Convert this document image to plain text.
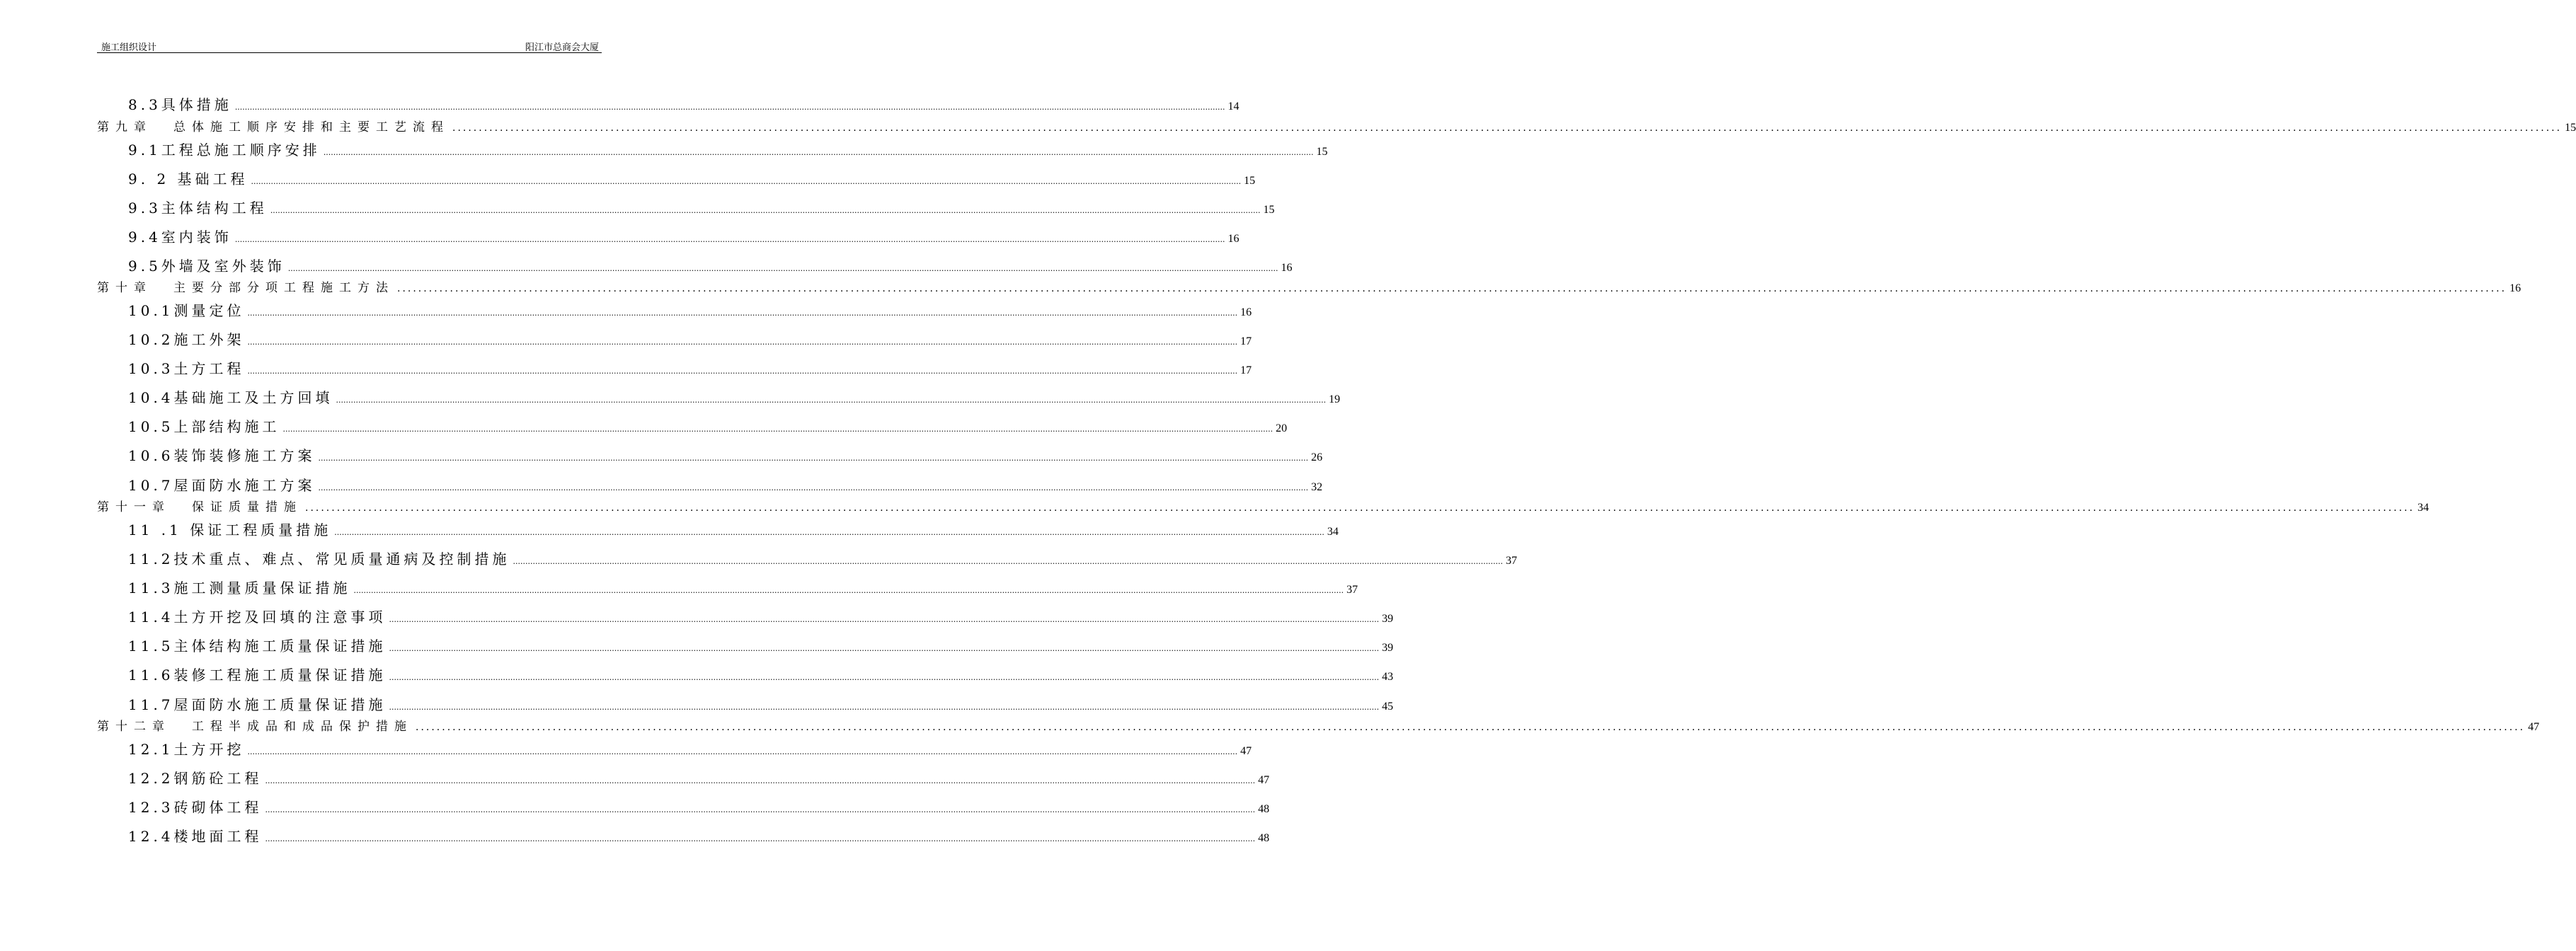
施工组织设计	阳江市总商会大厦
8.3具体措施 ................................................................................................................................................................................................................................................................................................................................................................................................................ 14
第九章 总体施工顺序安排和主要工艺流程 ................................................................................................................................................................................................................................................................................................................................................................................................................ 15
9.1工程总施工顺序安排 ................................................................................................................................................................................................................................................................................................................................................................................................................ 15
9. 2 基础工程 ................................................................................................................................................................................................................................................................................................................................................................................................................ 15
9.3主体结构工程 ................................................................................................................................................................................................................................................................................................................................................................................................................ 15
9.4室内装饰 ................................................................................................................................................................................................................................................................................................................................................................................................................ 16
9.5外墙及室外装饰 ................................................................................................................................................................................................................................................................................................................................................................................................................ 16
第十章 主要分部分项工程施工方法 ................................................................................................................................................................................................................................................................................................................................................................................................................ 16
10.1测量定位 ................................................................................................................................................................................................................................................................................................................................................................................................................ 16
10.2施工外架 ................................................................................................................................................................................................................................................................................................................................................................................................................ 17
10.3土方工程 ................................................................................................................................................................................................................................................................................................................................................................................................................ 17
10.4基础施工及土方回填 ................................................................................................................................................................................................................................................................................................................................................................................................................ 19
10.5上部结构施工 ................................................................................................................................................................................................................................................................................................................................................................................................................ 20
10.6装饰装修施工方案 ................................................................................................................................................................................................................................................................................................................................................................................................................ 26
10.7屋面防水施工方案 ................................................................................................................................................................................................................................................................................................................................................................................................................ 32
第十一章 保证质量措施 ................................................................................................................................................................................................................................................................................................................................................................................................................ 34
11 .1 保证工程质量措施 ................................................................................................................................................................................................................................................................................................................................................................................................................ 34
11.2技术重点、难点、常见质量通病及控制措施 ................................................................................................................................................................................................................................................................................................................................................................................................................ 37
11.3施工测量质量保证措施 ................................................................................................................................................................................................................................................................................................................................................................................................................ 37
11.4土方开挖及回填的注意事项 ................................................................................................................................................................................................................................................................................................................................................................................................................ 39
11.5主体结构施工质量保证措施 ................................................................................................................................................................................................................................................................................................................................................................................................................ 39
11.6装修工程施工质量保证措施 ................................................................................................................................................................................................................................................................................................................................................................................................................ 43
11.7屋面防水施工质量保证措施 ................................................................................................................................................................................................................................................................................................................................................................................................................ 45
第十二章 工程半成品和成品保护措施 ................................................................................................................................................................................................................................................................................................................................................................................................................ 47
12.1土方开挖 ................................................................................................................................................................................................................................................................................................................................................................................................................ 47
12.2钢筋砼工程 ................................................................................................................................................................................................................................................................................................................................................................................................................ 47
12.3砖砌体工程 ................................................................................................................................................................................................................................................................................................................................................................................................................ 48
12.4楼地面工程 ................................................................................................................................................................................................................................................................................................................................................................................................................ 48
